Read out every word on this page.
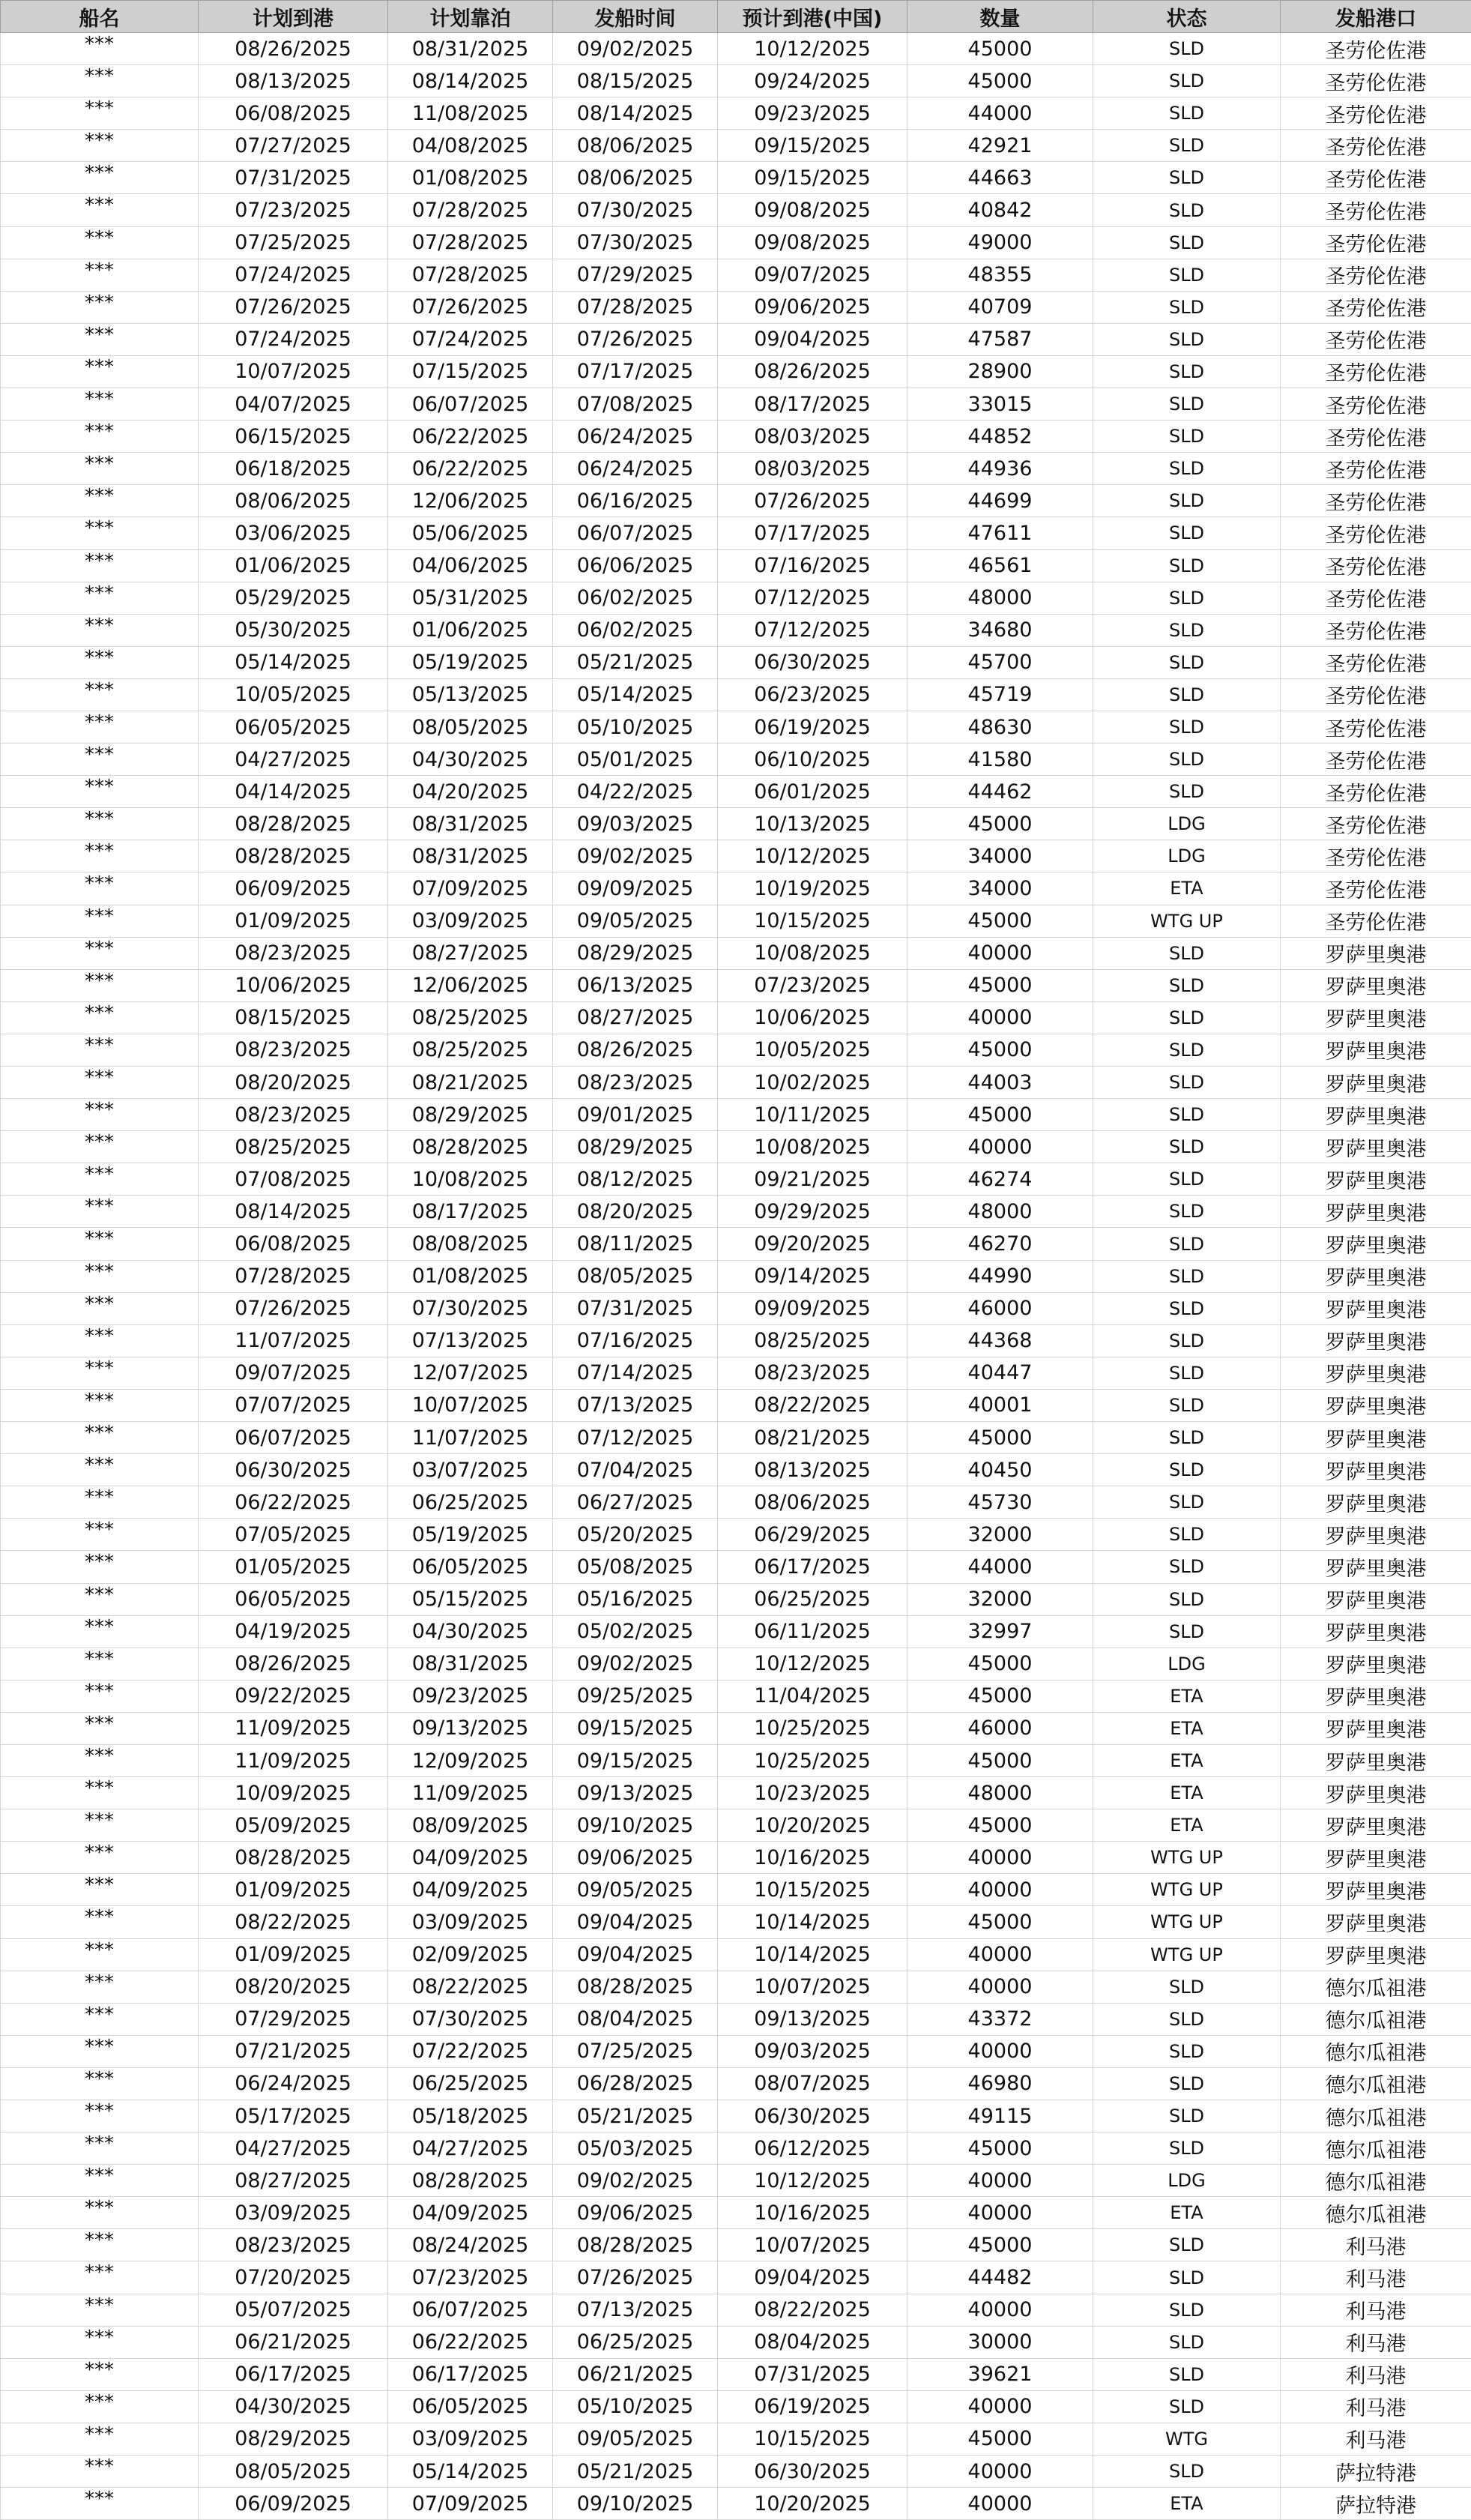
船名	计划到港	计划靠泊	发船时间	预计到港(中国)	数量	状态	发船港口
***	08/26/2025	08/31/2025	09/02/2025	10/12/2025	45000	SLD	圣劳伦佐港
***	08/13/2025	08/14/2025	08/15/2025	09/24/2025	45000	SLD	圣劳伦佐港
***	06/08/2025	11/08/2025	08/14/2025	09/23/2025	44000	SLD	圣劳伦佐港
***	07/27/2025	04/08/2025	08/06/2025	09/15/2025	42921	SLD	圣劳伦佐港
***	07/31/2025	01/08/2025	08/06/2025	09/15/2025	44663	SLD	圣劳伦佐港
***	07/23/2025	07/28/2025	07/30/2025	09/08/2025	40842	SLD	圣劳伦佐港
***	07/25/2025	07/28/2025	07/30/2025	09/08/2025	49000	SLD	圣劳伦佐港
***	07/24/2025	07/28/2025	07/29/2025	09/07/2025	48355	SLD	圣劳伦佐港
***	07/26/2025	07/26/2025	07/28/2025	09/06/2025	40709	SLD	圣劳伦佐港
***	07/24/2025	07/24/2025	07/26/2025	09/04/2025	47587	SLD	圣劳伦佐港
***	10/07/2025	07/15/2025	07/17/2025	08/26/2025	28900	SLD	圣劳伦佐港
***	04/07/2025	06/07/2025	07/08/2025	08/17/2025	33015	SLD	圣劳伦佐港
***	06/15/2025	06/22/2025	06/24/2025	08/03/2025	44852	SLD	圣劳伦佐港
***	06/18/2025	06/22/2025	06/24/2025	08/03/2025	44936	SLD	圣劳伦佐港
***	08/06/2025	12/06/2025	06/16/2025	07/26/2025	44699	SLD	圣劳伦佐港
***	03/06/2025	05/06/2025	06/07/2025	07/17/2025	47611	SLD	圣劳伦佐港
***	01/06/2025	04/06/2025	06/06/2025	07/16/2025	46561	SLD	圣劳伦佐港
***	05/29/2025	05/31/2025	06/02/2025	07/12/2025	48000	SLD	圣劳伦佐港
***	05/30/2025	01/06/2025	06/02/2025	07/12/2025	34680	SLD	圣劳伦佐港
***	05/14/2025	05/19/2025	05/21/2025	06/30/2025	45700	SLD	圣劳伦佐港
***	10/05/2025	05/13/2025	05/14/2025	06/23/2025	45719	SLD	圣劳伦佐港
***	06/05/2025	08/05/2025	05/10/2025	06/19/2025	48630	SLD	圣劳伦佐港
***	04/27/2025	04/30/2025	05/01/2025	06/10/2025	41580	SLD	圣劳伦佐港
***	04/14/2025	04/20/2025	04/22/2025	06/01/2025	44462	SLD	圣劳伦佐港
***	08/28/2025	08/31/2025	09/03/2025	10/13/2025	45000	LDG	圣劳伦佐港
***	08/28/2025	08/31/2025	09/02/2025	10/12/2025	34000	LDG	圣劳伦佐港
***	06/09/2025	07/09/2025	09/09/2025	10/19/2025	34000	ETA	圣劳伦佐港
***	01/09/2025	03/09/2025	09/05/2025	10/15/2025	45000	WTG UP	圣劳伦佐港
***	08/23/2025	08/27/2025	08/29/2025	10/08/2025	40000	SLD	罗萨里奥港
***	10/06/2025	12/06/2025	06/13/2025	07/23/2025	45000	SLD	罗萨里奥港
***	08/15/2025	08/25/2025	08/27/2025	10/06/2025	40000	SLD	罗萨里奥港
***	08/23/2025	08/25/2025	08/26/2025	10/05/2025	45000	SLD	罗萨里奥港
***	08/20/2025	08/21/2025	08/23/2025	10/02/2025	44003	SLD	罗萨里奥港
***	08/23/2025	08/29/2025	09/01/2025	10/11/2025	45000	SLD	罗萨里奥港
***	08/25/2025	08/28/2025	08/29/2025	10/08/2025	40000	SLD	罗萨里奥港
***	07/08/2025	10/08/2025	08/12/2025	09/21/2025	46274	SLD	罗萨里奥港
***	08/14/2025	08/17/2025	08/20/2025	09/29/2025	48000	SLD	罗萨里奥港
***	06/08/2025	08/08/2025	08/11/2025	09/20/2025	46270	SLD	罗萨里奥港
***	07/28/2025	01/08/2025	08/05/2025	09/14/2025	44990	SLD	罗萨里奥港
***	07/26/2025	07/30/2025	07/31/2025	09/09/2025	46000	SLD	罗萨里奥港
***	11/07/2025	07/13/2025	07/16/2025	08/25/2025	44368	SLD	罗萨里奥港
***	09/07/2025	12/07/2025	07/14/2025	08/23/2025	40447	SLD	罗萨里奥港
***	07/07/2025	10/07/2025	07/13/2025	08/22/2025	40001	SLD	罗萨里奥港
***	06/07/2025	11/07/2025	07/12/2025	08/21/2025	45000	SLD	罗萨里奥港
***	06/30/2025	03/07/2025	07/04/2025	08/13/2025	40450	SLD	罗萨里奥港
***	06/22/2025	06/25/2025	06/27/2025	08/06/2025	45730	SLD	罗萨里奥港
***	07/05/2025	05/19/2025	05/20/2025	06/29/2025	32000	SLD	罗萨里奥港
***	01/05/2025	06/05/2025	05/08/2025	06/17/2025	44000	SLD	罗萨里奥港
***	06/05/2025	05/15/2025	05/16/2025	06/25/2025	32000	SLD	罗萨里奥港
***	04/19/2025	04/30/2025	05/02/2025	06/11/2025	32997	SLD	罗萨里奥港
***	08/26/2025	08/31/2025	09/02/2025	10/12/2025	45000	LDG	罗萨里奥港
***	09/22/2025	09/23/2025	09/25/2025	11/04/2025	45000	ETA	罗萨里奥港
***	11/09/2025	09/13/2025	09/15/2025	10/25/2025	46000	ETA	罗萨里奥港
***	11/09/2025	12/09/2025	09/15/2025	10/25/2025	45000	ETA	罗萨里奥港
***	10/09/2025	11/09/2025	09/13/2025	10/23/2025	48000	ETA	罗萨里奥港
***	05/09/2025	08/09/2025	09/10/2025	10/20/2025	45000	ETA	罗萨里奥港
***	08/28/2025	04/09/2025	09/06/2025	10/16/2025	40000	WTG UP	罗萨里奥港
***	01/09/2025	04/09/2025	09/05/2025	10/15/2025	40000	WTG UP	罗萨里奥港
***	08/22/2025	03/09/2025	09/04/2025	10/14/2025	45000	WTG UP	罗萨里奥港
***	01/09/2025	02/09/2025	09/04/2025	10/14/2025	40000	WTG UP	罗萨里奥港
***	08/20/2025	08/22/2025	08/28/2025	10/07/2025	40000	SLD	德尔瓜祖港
***	07/29/2025	07/30/2025	08/04/2025	09/13/2025	43372	SLD	德尔瓜祖港
***	07/21/2025	07/22/2025	07/25/2025	09/03/2025	40000	SLD	德尔瓜祖港
***	06/24/2025	06/25/2025	06/28/2025	08/07/2025	46980	SLD	德尔瓜祖港
***	05/17/2025	05/18/2025	05/21/2025	06/30/2025	49115	SLD	德尔瓜祖港
***	04/27/2025	04/27/2025	05/03/2025	06/12/2025	45000	SLD	德尔瓜祖港
***	08/27/2025	08/28/2025	09/02/2025	10/12/2025	40000	LDG	德尔瓜祖港
***	03/09/2025	04/09/2025	09/06/2025	10/16/2025	40000	ETA	德尔瓜祖港
***	08/23/2025	08/24/2025	08/28/2025	10/07/2025	45000	SLD	利马港
***	07/20/2025	07/23/2025	07/26/2025	09/04/2025	44482	SLD	利马港
***	05/07/2025	06/07/2025	07/13/2025	08/22/2025	40000	SLD	利马港
***	06/21/2025	06/22/2025	06/25/2025	08/04/2025	30000	SLD	利马港
***	06/17/2025	06/17/2025	06/21/2025	07/31/2025	39621	SLD	利马港
***	04/30/2025	06/05/2025	05/10/2025	06/19/2025	40000	SLD	利马港
***	08/29/2025	03/09/2025	09/05/2025	10/15/2025	45000	WTG	利马港
***	08/05/2025	05/14/2025	05/21/2025	06/30/2025	40000	SLD	萨拉特港
***	06/09/2025	07/09/2025	09/10/2025	10/20/2025	40000	ETA	萨拉特港
